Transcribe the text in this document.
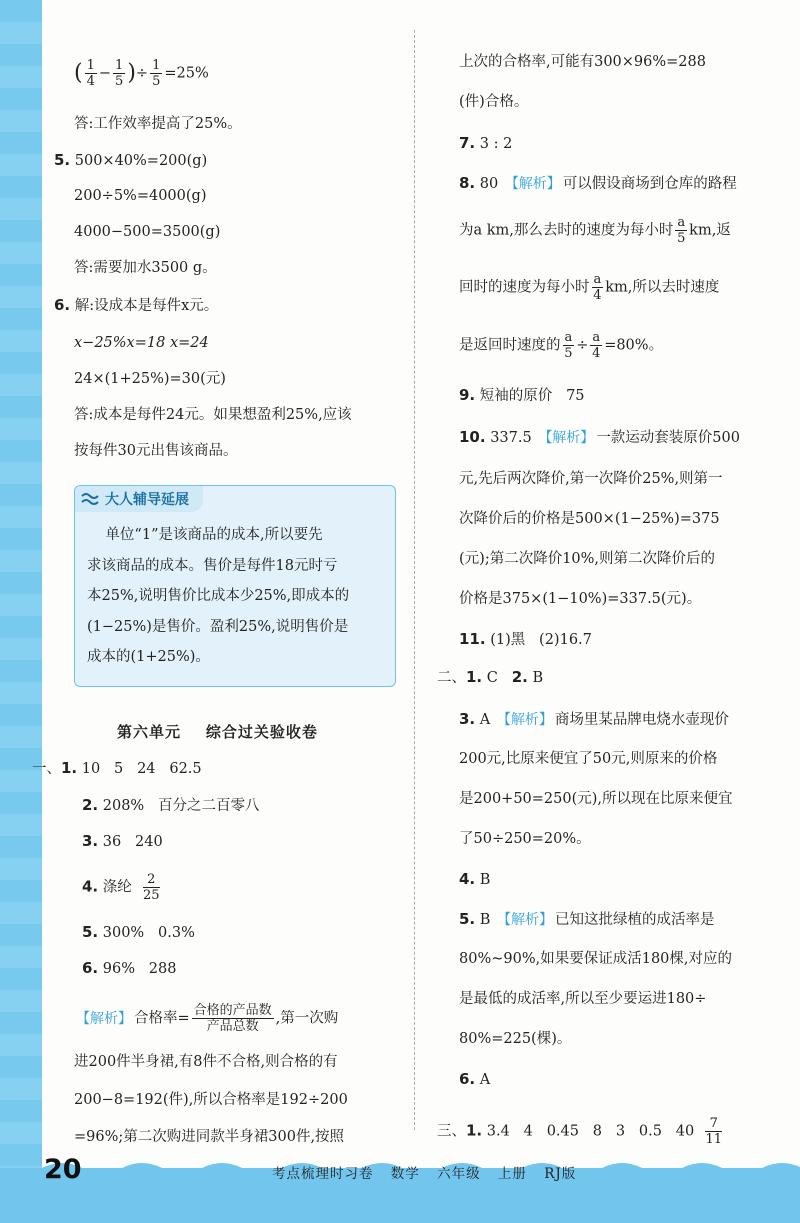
( $\frac{1}{4} - \frac{1}{5}$ )÷ $\frac{1}{5} =25\%$
答:工作效率提高了25%。
5. 500×40%=200(g)
200÷5%=4000(g)
4000−500=3500(g)
答:需要加水3500 g。
6. 解:设成本是每件x元。
x−25%x=18 x=24
24×(1+25%)=30(元)
答:成本是每件24元。如果想盈利25%,应该
按每件30元出售该商品。
大人辅导延展
单位“1”是该商品的成本,所以要先
求该商品的成本。售价是每件18元时亏
本25%,说明售价比成本少25%,即成本的
(1−25%)是售价。盈利25%,说明售价是
成本的(1+25%)。
第六单元    综合过关验收卷
一、1. 10   5   24   62.5
2. 208%   百分之二百零八
3. 36   240
4. 涤纶 $\frac{2}{25}$
5. 300%   0.3%
6. 96%   288
【解析】 合格率= $\frac{\text{合格的产品数}}{\text{产品总数}}$ ,第一次购
进200件半身裙,有8件不合格,则合格的有
200−8=192(件),所以合格率是192÷200
=96%;第二次购进同款半身裙300件,按照
上次的合格率,可能有300×96%=288
(件)合格。
7. 3 : 2
8. 80 【解析】 可以假设商场到仓库的路程
为a km,那么去时的速度为每小时 $\frac{a}{5}$ km,返
回时的速度为每小时 $\frac{a}{4}$ km,所以去时速度
是返回时速度的 $\frac{a}{5} \div \frac{a}{4} =80\%$。
9. 短袖的原价   75
10. 337.5 【解析】 一款运动套装原价500
元,先后两次降价,第一次降价25%,则第一
次降价后的价格是500×(1−25%)=375
(元);第二次降价10%,则第二次降价后的
价格是375×(1−10%)=337.5(元)。
11. (1)黑   (2)16.7
二、1. C 2. B
3. A 【解析】 商场里某品牌电烧水壶现价
200元,比原来便宜了50元,则原来的价格
是200+50=250(元),所以现在比原来便宜
了50÷250=20%。
4. B
5. B 【解析】 已知这批绿植的成活率是
80%~90%,如果要保证成活180棵,对应的
是最低的成活率,所以至少要运进180÷
80%=225(棵)。
6. A
三、1. 3.4   4   0.45   8   3   0.5   $40 \frac{7}{11}$
20	考点梳理时习卷 数学 六年级 上册 RJ版
